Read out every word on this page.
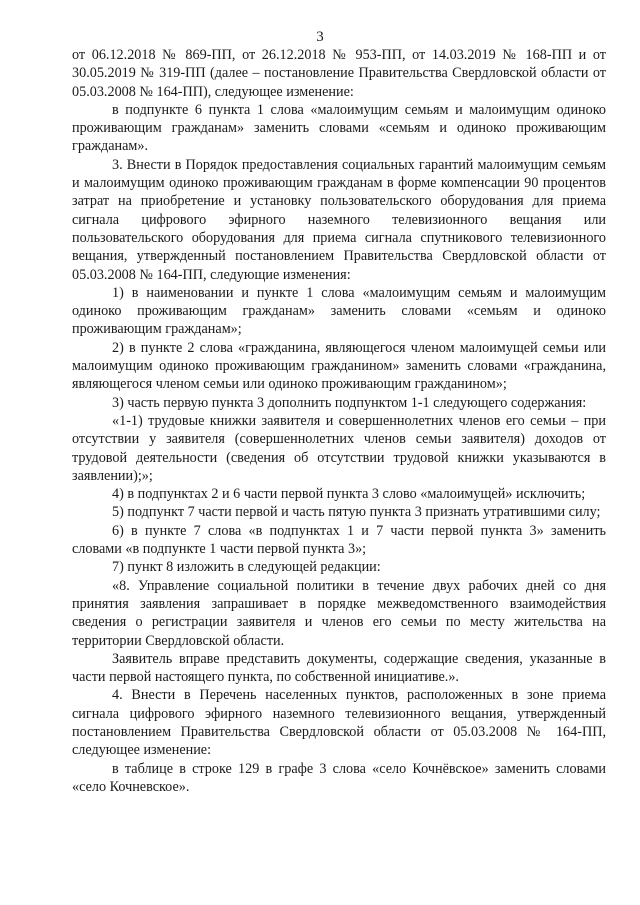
3

от 06.12.2018 № 869-ПП, от 26.12.2018 № 953-ПП, от 14.03.2019 № 168-ПП и от 30.05.2019 № 319-ПП (далее – постановление Правительства Свердловской области от 05.03.2008 № 164-ПП), следующее изменение:

в подпункте 6 пункта 1 слова «малоимущим семьям и малоимущим одиноко проживающим гражданам» заменить словами «семьям и одиноко проживающим гражданам».

3. Внести в Порядок предоставления социальных гарантий малоимущим семьям и малоимущим одиноко проживающим гражданам в форме компенсации 90 процентов затрат на приобретение и установку пользовательского оборудования для приема сигнала цифрового эфирного наземного телевизионного вещания или пользовательского оборудования для приема сигнала спутникового телевизионного вещания, утвержденный постановлением Правительства Свердловской области от 05.03.2008 № 164-ПП, следующие изменения:

1) в наименовании и пункте 1 слова «малоимущим семьям и малоимущим одиноко проживающим гражданам» заменить словами «семьям и одиноко проживающим гражданам»;

2) в пункте 2 слова «гражданина, являющегося членом малоимущей семьи или малоимущим одиноко проживающим гражданином» заменить словами «гражданина, являющегося членом семьи или одиноко проживающим гражданином»;

3) часть первую пункта 3 дополнить подпунктом 1-1 следующего содержания:

«1-1) трудовые книжки заявителя и совершеннолетних членов его семьи – при отсутствии у заявителя (совершеннолетних членов семьи заявителя) доходов от трудовой деятельности (сведения об отсутствии трудовой книжки указываются в заявлении);»;

4) в подпунктах 2 и 6 части первой пункта 3 слово «малоимущей» исключить;

5) подпункт 7 части первой и часть пятую пункта 3 признать утратившими силу;

6) в пункте 7 слова «в подпунктах 1 и 7 части первой пункта 3» заменить словами «в подпункте 1 части первой пункта 3»;

7) пункт 8 изложить в следующей редакции:

«8. Управление социальной политики в течение двух рабочих дней со дня принятия заявления запрашивает в порядке межведомственного взаимодействия сведения о регистрации заявителя и членов его семьи по месту жительства на территории Свердловской области.

Заявитель вправе представить документы, содержащие сведения, указанные в части первой настоящего пункта, по собственной инициативе.».

4. Внести в Перечень населенных пунктов, расположенных в зоне приема сигнала цифрового эфирного наземного телевизионного вещания, утвержденный постановлением Правительства Свердловской области от 05.03.2008 № 164-ПП, следующее изменение:

в таблице в строке 129 в графе 3 слова «село Кочнёвское» заменить словами «село Кочневское».
